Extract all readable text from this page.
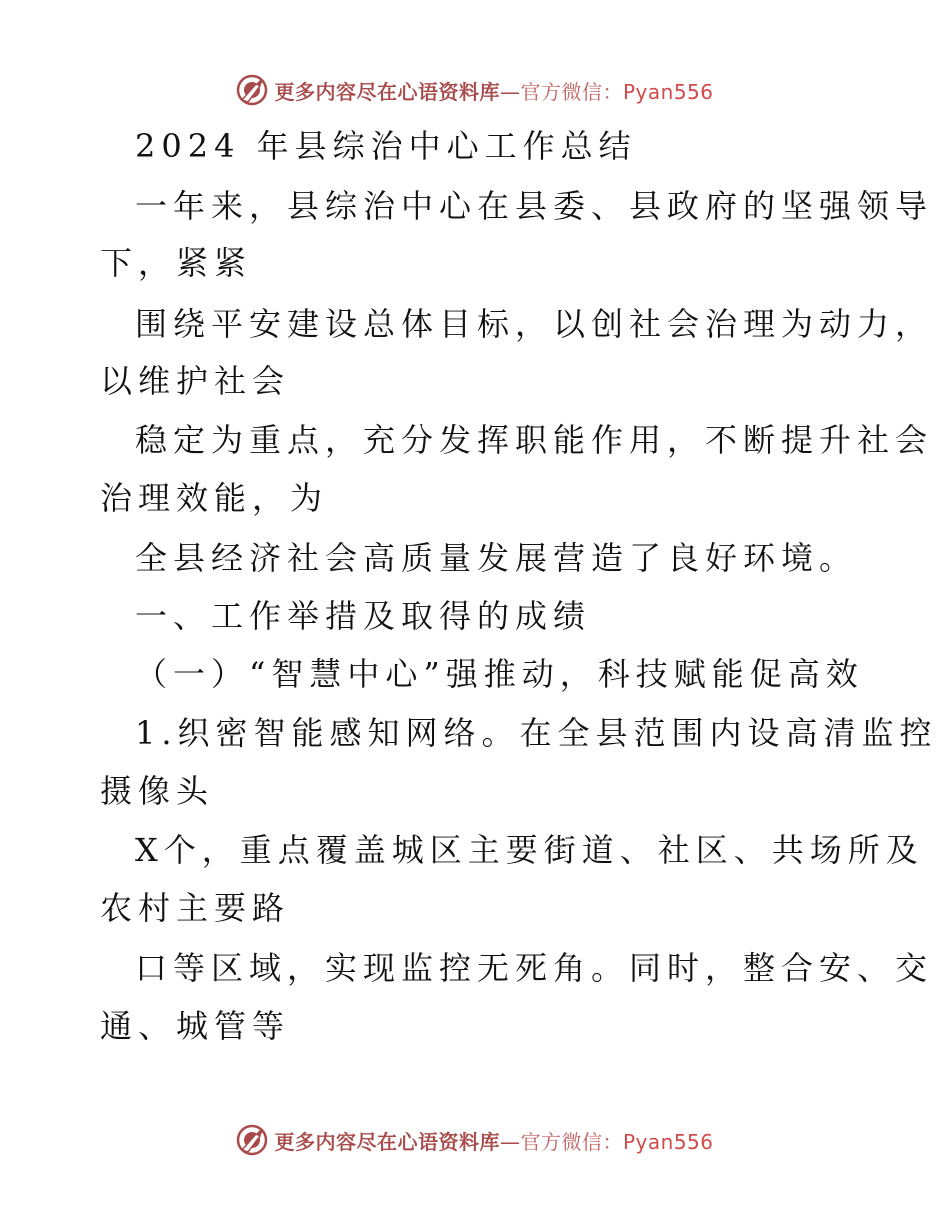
更多内容尽在心语资料库—官方微信：Pyan556
2024 年县综治中心工作总结
一年来，县综治中心在县委、县政府的坚强领导
下，紧紧
围绕平安建设总体目标，以创社会治理为动力，
以维护社会
稳定为重点，充分发挥职能作用，不断提升社会
治理效能，为
全县经济社会高质量发展营造了良好环境。
一、工作举措及取得的成绩
（一）“智慧中心”强推动，科技赋能促高效
1.织密智能感知网络。在全县范围内设高清监控
摄像头
X个，重点覆盖城区主要街道、社区、共场所及
农村主要路
口等区域，实现监控无死角。同时，整合安、交
通、城管等
更多内容尽在心语资料库—官方微信：Pyan556
